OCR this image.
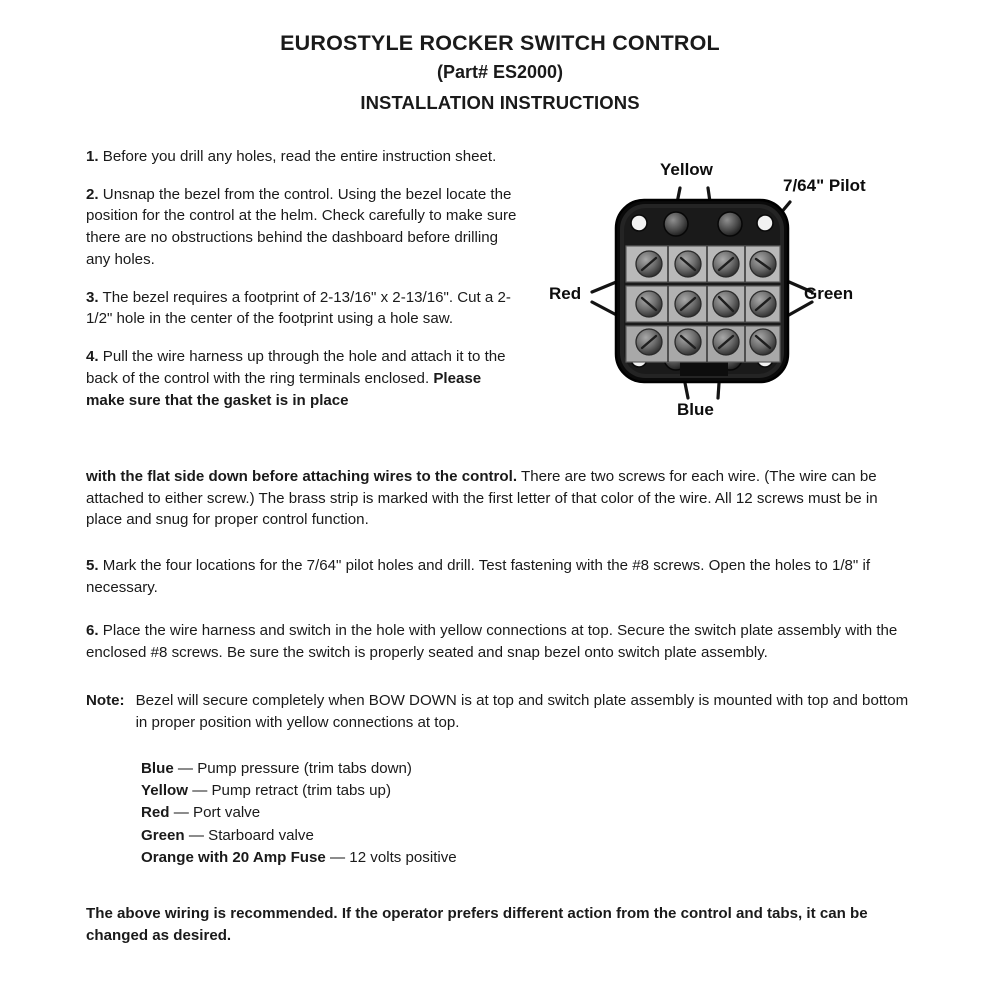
EUROSTYLE ROCKER SWITCH CONTROL
(Part# ES2000)
INSTALLATION INSTRUCTIONS

1. Before you drill any holes, read the entire instruction sheet.

2. Unsnap the bezel from the control. Using the bezel locate the position for the control at the helm. Check carefully to make sure there are no obstructions behind the dashboard before drilling any holes.

3. The bezel requires a footprint of 2-13/16" x 2-13/16". Cut a 2-1/2" hole in the center of the footprint using a hole saw.

4. Pull the wire harness up through the hole and attach it to the back of the control with the ring terminals enclosed. Please make sure that the gasket is in place

with the flat side down before attaching wires to the control. There are two screws for each wire. (The wire can be attached to either screw.) The brass strip is marked with the first letter of that color of the wire. All 12 screws must be in place and snug for proper control function.

5. Mark the four locations for the 7/64" pilot holes and drill. Test fastening with the #8 screws. Open the holes to 1/8" if necessary.

6. Place the wire harness and switch in the hole with yellow connections at top. Secure the switch plate assembly with the enclosed #8 screws. Be sure the switch is properly seated and snap bezel onto switch plate assembly.

Note: Bezel will secure completely when BOW DOWN is at top and switch plate assembly is mounted with top and bottom in proper position with yellow connections at top.
Blue — Pump pressure (trim tabs down)
Yellow — Pump retract (trim tabs up)
Red — Port valve
Green — Starboard valve
Orange with 20 Amp Fuse — 12 volts positive

The above wiring is recommended. If the operator prefers different action from the control and tabs, it can be changed as desired.

Yellow
7/64" Pilot
Red	Green
Blue
